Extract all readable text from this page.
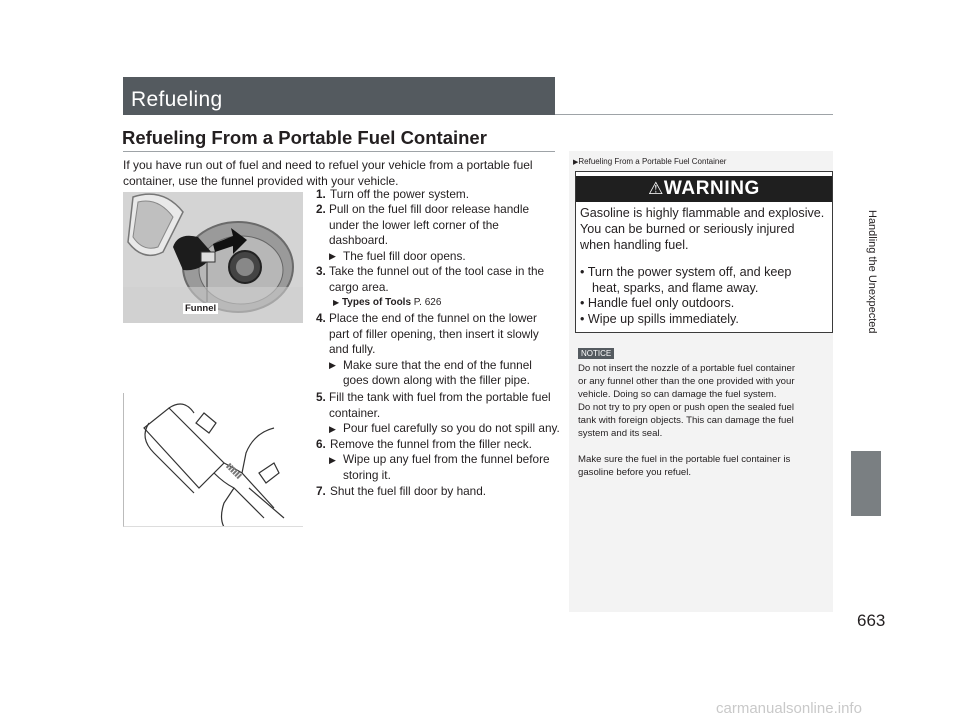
Refueling
Refueling From a Portable Fuel Container
If you have run out of fuel and need to refuel your vehicle from a portable fuel container, use the funnel provided with your vehicle.
Funnel
1. Turn off the power system.
2. Pull on the fuel fill door release handle
under the lower left corner of the
dashboard.
▶ The fuel fill door opens.
3. Take the funnel out of the tool case in the
cargo area.
▶ Types of Tools P. 626
4. Place the end of the funnel on the lower
part of filler opening, then insert it slowly
and fully.
▶ Make sure that the end of the funnel
goes down along with the filler pipe.
5. Fill the tank with fuel from the portable fuel
container.
▶ Pour fuel carefully so you do not spill any.
6. Remove the funnel from the filler neck.
▶ Wipe up any fuel from the funnel before
storing it.
7. Shut the fuel fill door by hand.
▶Refueling From a Portable Fuel Container
⚠WARNING
Gasoline is highly flammable and explosive.
You can be burned or seriously injured
when handling fuel.
• Turn the power system off, and keep
heat, sparks, and flame away.
• Handle fuel only outdoors.
• Wipe up spills immediately.
NOTICE
Do not insert the nozzle of a portable fuel container
or any funnel other than the one provided with your
vehicle. Doing so can damage the fuel system.
Do not try to pry open or push open the sealed fuel
tank with foreign objects. This can damage the fuel
system and its seal.
Make sure the fuel in the portable fuel container is
gasoline before you refuel.
Handling the Unexpected
663
carmanualsonline.info
